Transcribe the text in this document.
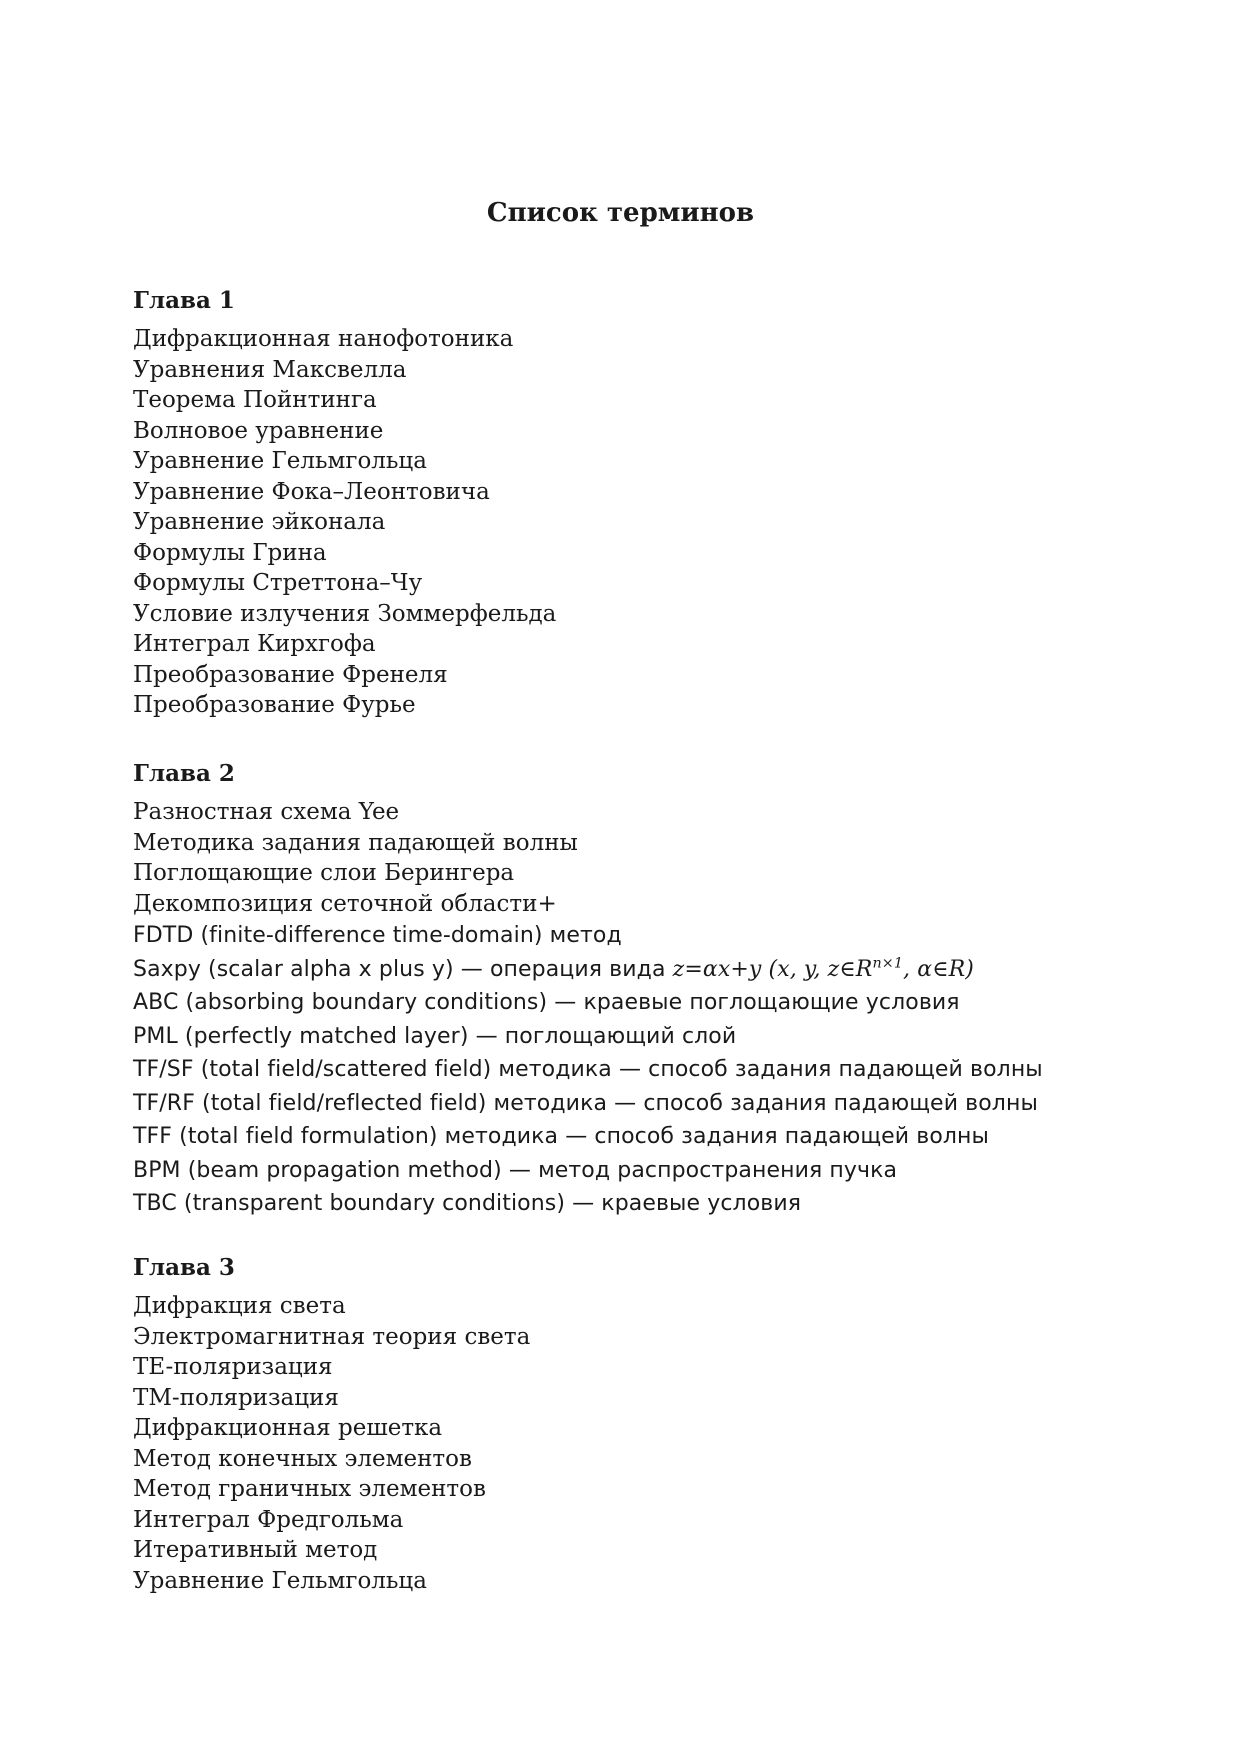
Список терминов
Глава 1
Дифракционная нанофотоника
Уравнения Максвелла
Теорема Пойнтинга
Волновое уравнение
Уравнение Гельмгольца
Уравнение Фока–Леонтовича
Уравнение эйконала
Формулы Грина
Формулы Стреттона–Чу
Условие излучения Зоммерфельда
Интеграл Кирхгофа
Преобразование Френеля
Преобразование Фурье
Глава 2
Разностная схема Yee
Методика задания падающей волны
Поглощающие слои Берингера
Декомпозиция сеточной области+
FDTD (finite-difference time-domain) метод
Saxpy (scalar alpha x plus y) — операция вида z=αx+y (x, y, $z\in R^{n\times 1}$, α∈R)
ABC (absorbing boundary conditions) — краевые поглощающие условия
PML (perfectly matched layer) — поглощающий слой
TF/SF (total field/scattered field) методика — способ задания падающей волны
TF/RF (total field/reflected field) методика — способ задания падающей волны
TFF (total field formulation) методика — способ задания падающей волны
BPM (beam propagation method) — метод распространения пучка
TBC (transparent boundary conditions) — краевые условия
Глава 3
Дифракция света
Электромагнитная теория света
TE-поляризация
TM-поляризация
Дифракционная решетка
Метод конечных элементов
Метод граничных элементов
Интеграл Фредгольма
Итеративный метод
Уравнение Гельмгольца
